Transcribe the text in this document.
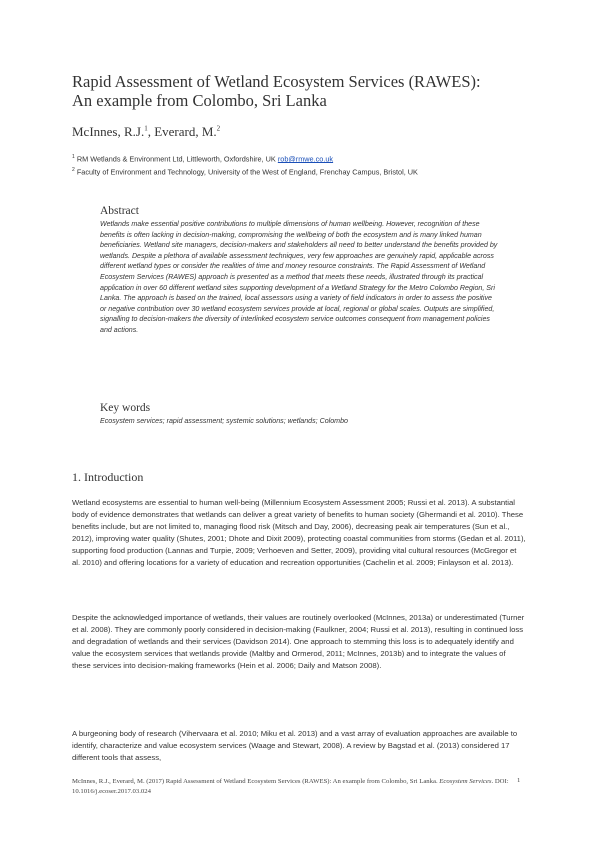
Rapid Assessment of Wetland Ecosystem Services (RAWES):
An example from Colombo, Sri Lanka
McInnes, R.J.$^1$, Everard, M.$^2$
$^1$ RM Wetlands & Environment Ltd, Littleworth, Oxfordshire, UK rob@rmwe.co.uk
$^2$ Faculty of Environment and Technology, University of the West of England, Frenchay Campus, Bristol, UK
Abstract
Wetlands make essential positive contributions to multiple dimensions of human wellbeing. However, recognition of these benefits is often lacking in decision-making, compromising the wellbeing of both the ecosystem and is many linked human beneficiaries. Wetland site managers, decision-makers and stakeholders all need to better understand the benefits provided by wetlands. Despite a plethora of available assessment techniques, very few approaches are genuinely rapid, applicable across different wetland types or consider the realities of time and money resource constraints. The Rapid Assessment of Wetland Ecosystem Services (RAWES) approach is presented as a method that meets these needs, illustrated through its practical application in over 60 different wetland sites supporting development of a Wetland Strategy for the Metro Colombo Region, Sri Lanka. The approach is based on the trained, local assessors using a variety of field indicators in order to assess the positive or negative contribution over 30 wetland ecosystem services provide at local, regional or global scales. Outputs are simplified, signalling to decision-makers the diversity of interlinked ecosystem service outcomes consequent from management policies and actions.
Key words
Ecosystem services; rapid assessment; systemic solutions; wetlands; Colombo
1. Introduction
Wetland ecosystems are essential to human well-being (Millennium Ecosystem Assessment 2005; Russi et al. 2013). A substantial body of evidence demonstrates that wetlands can deliver a great variety of benefits to human society (Ghermandi et al. 2010). These benefits include, but are not limited to, managing flood risk (Mitsch and Day, 2006), decreasing peak air temperatures (Sun et al., 2012), improving water quality (Shutes, 2001; Dhote and Dixit 2009), protecting coastal communities from storms (Gedan et al. 2011), supporting food production (Lannas and Turpie, 2009; Verhoeven and Setter, 2009), providing vital cultural resources (McGregor et al. 2010) and offering locations for a variety of education and recreation opportunities (Cachelin et al. 2009; Finlayson et al. 2013).
Despite the acknowledged importance of wetlands, their values are routinely overlooked (McInnes, 2013a) or underestimated (Turner et al. 2008). They are commonly poorly considered in decision-making (Faulkner, 2004; Russi et al. 2013), resulting in continued loss and degradation of wetlands and their services (Davidson 2014). One approach to stemming this loss is to adequately identify and value the ecosystem services that wetlands provide (Maltby and Ormerod, 2011; McInnes, 2013b) and to integrate the values of these services into decision-making frameworks (Hein et al. 2006; Daily and Matson 2008).
A burgeoning body of research (Vihervaara et al. 2010; Miku et al. 2013) and a vast array of evaluation approaches are available to identify, characterize and value ecosystem services (Waage and Stewart, 2008). A review by Bagstad et al. (2013) considered 17 different tools that assess,
McInnes, R.J., Everard, M. (2017) Rapid Assessment of Wetland Ecosystem Services (RAWES): An example from Colombo, Sri Lanka. Ecosystem Services. DOI: 10.1016/j.ecoser.2017.03.024
1
